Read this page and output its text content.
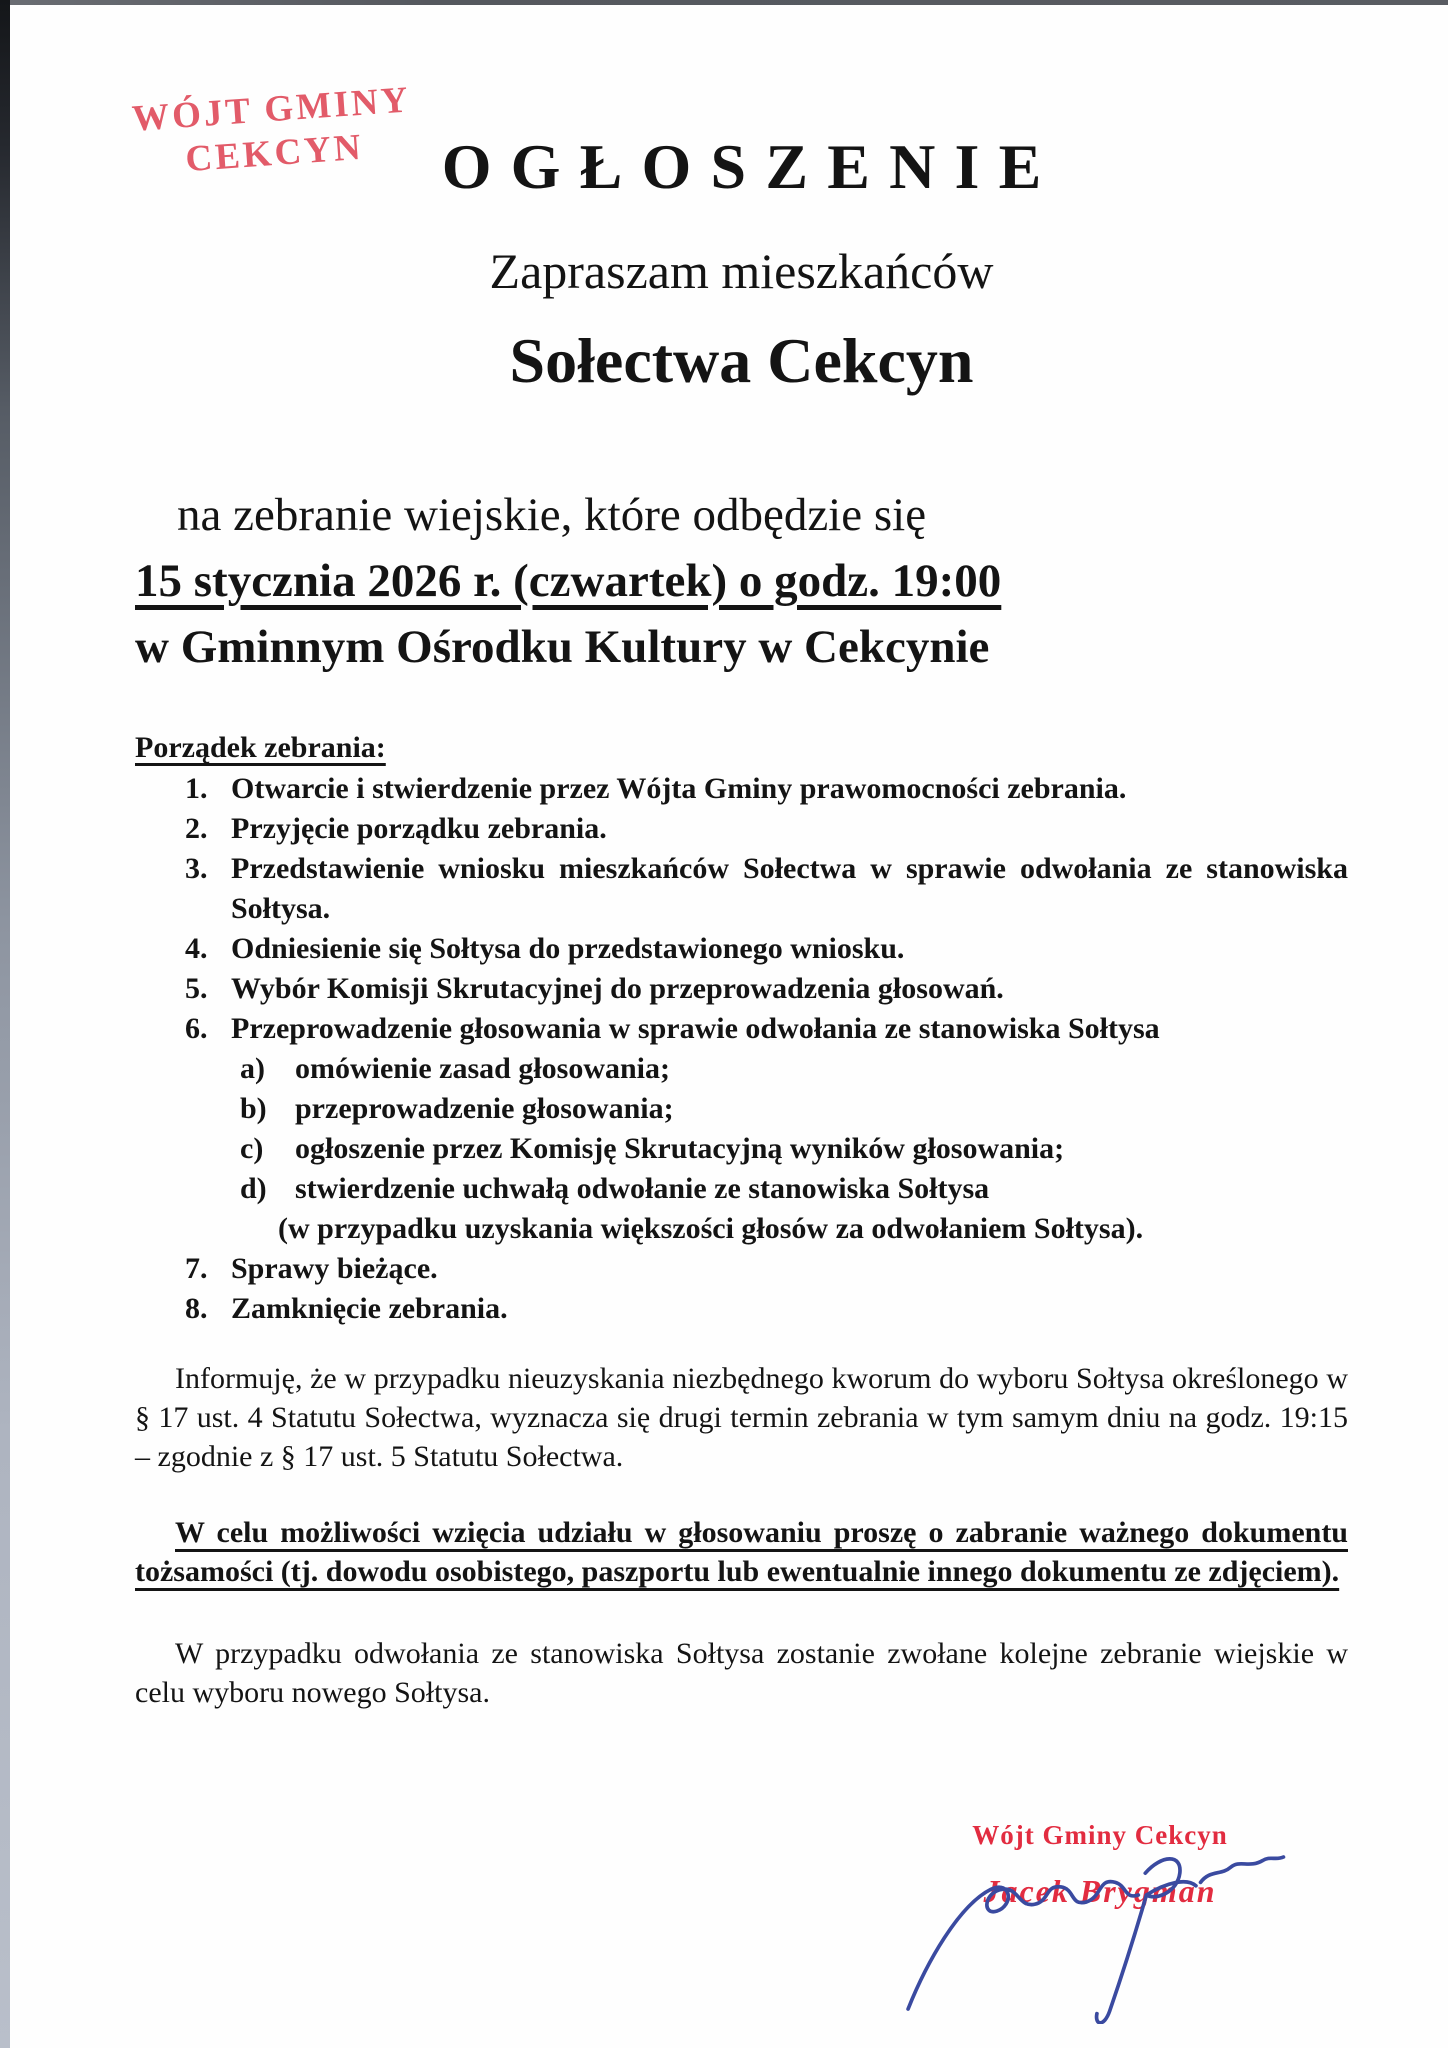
WÓJT GMINY
CEKCYN	OGŁOSZENIE
Zapraszam mieszkańców
Sołectwa Cekcyn
na zebranie wiejskie, które odbędzie się
15 stycznia 2026 r. (czwartek) o godz. 19:00
w Gminnym Ośrodku Kultury w Cekcynie
Porządek zebrania:
1. Otwarcie i stwierdzenie przez Wójta Gminy prawomocności zebrania.
2. Przyjęcie porządku zebrania.
3. Przedstawienie wniosku mieszkańców Sołectwa w sprawie odwołania ze stanowiska Sołtysa.
4. Odniesienie się Sołtysa do przedstawionego wniosku.
5. Wybór Komisji Skrutacyjnej do przeprowadzenia głosowań.
6. Przeprowadzenie głosowania w sprawie odwołania ze stanowiska Sołtysa
a)	omówienie zasad głosowania;
b) przeprowadzenie głosowania;
c)	ogłoszenie przez Komisję Skrutacyjną wyników głosowania;
d) stwierdzenie uchwałą odwołanie ze stanowiska Sołtysa
(w przypadku uzyskania większości głosów za odwołaniem Sołtysa).
7. Sprawy bieżące.
8. Zamknięcie zebrania.

Informuję, że w przypadku nieuzyskania niezbędnego kworum do wyboru Sołtysa określonego w § 17 ust. 4 Statutu Sołectwa, wyznacza się drugi termin zebrania w tym samym dniu na godz. 19:15 – zgodnie z § 17 ust. 5 Statutu Sołectwa.

W celu możliwości wzięcia udziału w głosowaniu proszę o zabranie ważnego dokumentu tożsamości (tj. dowodu osobistego, paszportu lub ewentualnie innego dokumentu ze zdjęciem).

W przypadku odwołania ze stanowiska Sołtysa zostanie zwołane kolejne zebranie wiejskie w celu wyboru nowego Sołtysa.

Wójt Gminy Cekcyn
Jacek Brygman
